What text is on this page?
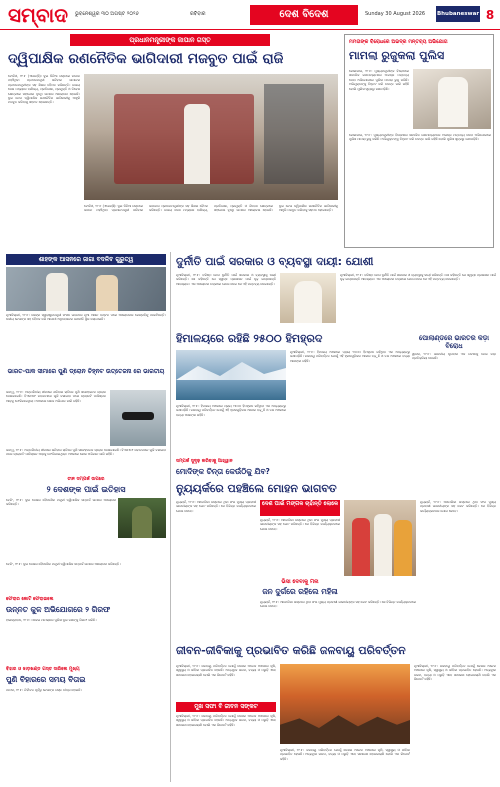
ସମ୍ବାଦ ଭୁବନେଶ୍ୱର ୩୦ ଅଗଷ୍ଟ ୨୦୨୬	ରବିବାର	ଦେଶ ବିଦେଶ	Sunday 30 August 2026	Bhubaneswar 8
ପ୍ରଧାନମନ୍ତ୍ରୀଙ୍କ ଜାପାନ ଗସ୍ତ
ଦ୍ୱିପାକ୍ଷିକ ରଣନୈତିକ ଭାଗିଦାରୀ ମଜବୁତ ପାଇଁ ରାଜି
ଟୋକିଓ, ୨୯।୮ (ଏଜେନ୍ସି): ଦୁଇ ଦିନିଆ ଗସ୍ତରେ ଜାପାନ ପହଞ୍ଚିଥିବା ପ୍ରଧାନମନ୍ତ୍ରୀ ଶନିବାର ଜାପାନର ପ୍ରଧାନମନ୍ତ୍ରୀଙ୍କ ସହ ଶିଖର ବୈଠକ କରିଛନ୍ତି। ଉଭୟ ଦେଶ ମଧ୍ୟରେ ବାଣିଜ୍ୟ, ପ୍ରତିରକ୍ଷା, ପ୍ରଯୁକ୍ତି ଓ ନିବେଶ କ୍ଷେତ୍ରରେ ସହଯୋଗ ବୃଦ୍ଧି ଉପରେ ଆଲୋଚନା ହୋଇଛି। ଦୁଇ ନେତା ଦ୍ୱିପାକ୍ଷିକ ରଣନୈତିକ ଭାଗିଦାରୀକୁ ଆହୁରି ମଜବୁତ କରିବାକୁ ସହମତ ହୋଇଛନ୍ତି।
ଟୋକିଓ, ୨୯।୮ (ଏଜେନ୍ସି): ଦୁଇ ଦିନିଆ ଗସ୍ତରେ ଜାପାନ ପହଞ୍ଚିଥିବା ପ୍ରଧାନମନ୍ତ୍ରୀ ଶନିବାର ଜାପାନର ପ୍ରଧାନମନ୍ତ୍ରୀଙ୍କ ସହ ଶିଖର ବୈଠକ କରିଛନ୍ତି। ଉଭୟ ଦେଶ ମଧ୍ୟରେ ବାଣିଜ୍ୟ, ପ୍ରତିରକ୍ଷା, ପ୍ରଯୁକ୍ତି ଓ ନିବେଶ କ୍ଷେତ୍ରରେ ସହଯୋଗ ବୃଦ୍ଧି ଉପରେ ଆଲୋଚନା ହୋଇଛି। ଦୁଇ ନେତା ଦ୍ୱିପାକ୍ଷିକ ରଣନୈତିକ ଭାଗିଦାରୀକୁ ଆହୁରି ମଜବୁତ କରିବାକୁ ସହମତ ହୋଇଛନ୍ତି।
ମମତାଙ୍କ ବିରୋଧରେ ଅଭଦ୍ର ମନ୍ତବ୍ୟ ଅଭିଯୋଗ
ମାମଲା ରୁଜୁକଲା ପୁଲିସ
କୋଲକାତା, ୨୯।୮: ମୁଖ୍ୟମନ୍ତ୍ରୀଙ୍କ ବିରୋଧରେ ସାମାଜିକ ଗଣମାଧ୍ୟମରେ ଅଭଦ୍ର ମନ୍ତବ୍ୟ ଦେବା ଅଭିଯୋଗରେ ପୁଲିସ ମାମଲା ରୁଜୁ କରିଛି। ଅଭିଯୁକ୍ତଙ୍କୁ ଚିହ୍ନଟ କରି ତଦନ୍ତ ଜାରି ରହିଛି ବୋଲି ପୁଲିସ ସୂତ୍ରରୁ ଜଣାପଡ଼ିଛି।
କୋଲକାତା, ୨୯।୮: ମୁଖ୍ୟମନ୍ତ୍ରୀଙ୍କ ବିରୋଧରେ ସାମାଜିକ ଗଣମାଧ୍ୟମରେ ଅଭଦ୍ର ମନ୍ତବ୍ୟ ଦେବା ଅଭିଯୋଗରେ ପୁଲିସ ମାମଲା ରୁଜୁ କରିଛି। ଅଭିଯୁକ୍ତଙ୍କୁ ଚିହ୍ନଟ କରି ତଦନ୍ତ ଜାରି ରହିଛି ବୋଲି ପୁଲିସ ସୂତ୍ରରୁ ଜଣାପଡ଼ିଛି।
ଶାହଙ୍କ ଆସନରେ ଜାଗା ବଦଳିବ ଗୁରୁତ୍ୱ
ନୂଆଦିଲ୍ଲୀ, ୨୯।୮: କେନ୍ଦ୍ର ସ୍ୱରାଷ୍ଟ୍ରମନ୍ତ୍ରୀ ସଂସଦ ଭବନରେ ନୂଆ ଆସନ ବଣ୍ଟନ ପରେ ଆଲୋଚନାର କେନ୍ଦ୍ରବିନ୍ଦୁ ପାଲଟିଛନ୍ତି। ଦଳୀୟ ନେତାଙ୍କ ସହ ବୈଠକ କରି ଆଗାମୀ ଅଧିବେଶନର ରଣନୀତି ସ୍ଥିର କରାଯାଇଛି।
ଭାରତ-ପାକ ସୀମାରେ ପୁଣି ଡ୍ରୋନ ଚିହ୍ନଟ ଉତ୍ତେଜନା ରେ ଭାରତୀୟ
ଜାମ୍ମୁ, ୨୯।୮: ଅନ୍ତର୍ଜାତୀୟ ସୀମାରେ ଶନିବାର ରାତିରେ ପୁଣି ସନ୍ଦେହଜନକ ଡ୍ରୋନ ଦେଖାଯାଇଛି। ବିଏସଏଫ ଜବାନମାନେ ଗୁଳି ଚଳାଇବା ପରେ ଡ୍ରୋନଟି ପାକିସ୍ତାନ ଆଡ଼କୁ ଫେରିଯାଇଥିଲା। ଅଞ୍ଚଳରେ ଖୋଜ ଅଭିଯାନ ଜାରି ରହିଛି।
ଜାମ୍ମୁ, ୨୯।୮: ଅନ୍ତର୍ଜାତୀୟ ସୀମାରେ ଶନିବାର ରାତିରେ ପୁଣି ସନ୍ଦେହଜନକ ଡ୍ରୋନ ଦେଖାଯାଇଛି। ବିଏସଏଫ ଜବାନମାନେ ଗୁଳି ଚଳାଇବା ପରେ ଡ୍ରୋନଟି ପାକିସ୍ତାନ ଆଡ଼କୁ ଫେରିଯାଇଥିଲା। ଅଞ୍ଚଳରେ ଖୋଜ ଅଭିଯାନ ଜାରି ରହିଛି।
ଚୀନ ସମ୍ପର୍କ ଉପରେ
୨ ଦେଶଙ୍କ ପାଇଁ ଇତିହାସ
ବେଜିଂ, ୨୯।୮: ଦୁଇ ଦେଶର ବୈଦେଶିକ ମନ୍ତ୍ରୀ ଦ୍ୱିପାକ୍ଷିକ ସମ୍ପର୍କ ଉପରେ ଆଲୋଚନା କରିଛନ୍ତି।
ବେଜିଂ, ୨୯।୮: ଦୁଇ ଦେଶର ବୈଦେଶିକ ମନ୍ତ୍ରୀ ଦ୍ୱିପାକ୍ଷିକ ସମ୍ପର୍କ ଉପରେ ଆଲୋଚନା କରିଛନ୍ତି।
ଫେରାର କୋଟି ଫେରାଇଲେ
ଉନ୍ନତ କୁଳ ଅଭିଯୋଗରେ ୨ ଗିରଫ
ହାଇଦ୍ରାବାଦ, ୨୯।୮: ଠକେଇ ମାମଲାରେ ପୁଲିସ ଦୁଇ ଜଣଙ୍କୁ ଗିରଫ କରିଛି।
ବିହାର ଓ ଝାଡ଼ଖଣ୍ଡ ଗସ୍ତ ସାରିଲେ ମୁଖ୍ୟ
ପୁଣି ବିହାରରେ ସମୟ ବିତାଇ
ପାଟନା, ୨୯।୮: ନିର୍ବାଚନ ପୂର୍ବରୁ ନେତାଙ୍କ ଗସ୍ତ ତୀବ୍ର ହୋଇଛି।
ଦୁର୍ନୀତି ପାଇଁ ସରକାର ଓ ବ୍ୟବସ୍ଥା ଦାୟୀ: ଯୋଶୀ
ନୂଆଦିଲ୍ଲୀ, ୨୯।୮: ବରିଷ୍ଠ ନେତା ଦୁର୍ନୀତି ପାଇଁ ସରକାର ଓ ବ୍ୟବସ୍ଥାକୁ ଦାୟୀ କରିଛନ୍ତି। ସେ କହିଛନ୍ତି ଯେ ସ୍ୱଚ୍ଛ ପ୍ରଶାସନ ପାଇଁ ଦୃଢ଼ ଇଚ୍ଛାଶକ୍ତି ଆବଶ୍ୟକ। ଏକ ଆଲୋଚନା ଚକ୍ରରେ ଯୋଗ ଦେଇ ସେ ଏହି ମନ୍ତବ୍ୟ ଦେଇଛନ୍ତି।
ନୂଆଦିଲ୍ଲୀ, ୨୯।୮: ବରିଷ୍ଠ ନେତା ଦୁର୍ନୀତି ପାଇଁ ସରକାର ଓ ବ୍ୟବସ୍ଥାକୁ ଦାୟୀ କରିଛନ୍ତି। ସେ କହିଛନ୍ତି ଯେ ସ୍ୱଚ୍ଛ ପ୍ରଶାସନ ପାଇଁ ଦୃଢ଼ ଇଚ୍ଛାଶକ୍ତି ଆବଶ୍ୟକ। ଏକ ଆଲୋଚନା ଚକ୍ରରେ ଯୋଗ ଦେଇ ସେ ଏହି ମନ୍ତବ୍ୟ ଦେଇଛନ୍ତି।
ହିମାଳୟରେ ରହିଛି ୨୫୦୦ ହିମହ୍ରଦ
ନୂଆଦିଲ୍ଲୀ, ୨୯।୮: ହିମାଳୟ ଅଞ୍ଚଳରେ ପ୍ରାୟ ୨୫୦୦ ହିମହ୍ରଦ ରହିଥିବା ଏକ ଅଧ୍ୟୟନରୁ ଜଣାପଡ଼ିଛି। ଜଳବାୟୁ ପରିବର୍ତ୍ତନ ଯୋଗୁଁ ଏହି ହ୍ରଦଗୁଡ଼ିକର ଆକାର ବଢ଼ୁଛି ଓ ତଳ ଅଞ୍ଚଳରେ ବନ୍ୟା ଆଶଙ୍କା ରହିଛି।
ନୂଆଦିଲ୍ଲୀ, ୨୯।୮: ହିମାଳୟ ଅଞ୍ଚଳରେ ପ୍ରାୟ ୨୫୦୦ ହିମହ୍ରଦ ରହିଥିବା ଏକ ଅଧ୍ୟୟନରୁ ଜଣାପଡ଼ିଛି। ଜଳବାୟୁ ପରିବର୍ତ୍ତନ ଯୋଗୁଁ ଏହି ହ୍ରଦଗୁଡ଼ିକର ଆକାର ବଢ଼ୁଛି ଓ ତଳ ଅଞ୍ଚଳରେ ବନ୍ୟା ଆଶଙ୍କା ରହିଛି।
ପୋଲାଣ୍ଡରେ ଭାରତର କଡ଼ା ବିରୋଧ
ୱାରସ, ୨୯।୮: ଭାରତୀୟ ଦୂତାବାସ ଏକ ଘଟଣାକୁ ନେଇ କଡ଼ା ପ୍ରତିକ୍ରିୟା ଦେଇଛି।
ସମ୍ପର୍କ ସୁଦୃଢ଼ କରିବାକୁ ଆହ୍ୱାନ
ମୋଦିଙ୍କ ଚିନ୍ତା କେଉଁଠିକୁ ଯିବ?
ନ୍ୟୁୟର୍କରେ ପହଞ୍ଚିଲେ ମୋହନ ଭାଗବତ
ନ୍ୟୁୟର୍କ, ୨୯।୮: ଆମେରିକା ଗସ୍ତରେ ଥିବା ସଂଘ ମୁଖ୍ୟ ପ୍ରବାସୀ ଭାରତୀୟଙ୍କ ସହ ଭେଟ କରିଛନ୍ତି। ସେ ବିଭିନ୍ନ କାର୍ଯ୍ୟକ୍ରମରେ ଯୋଗ ଦେବେ।
ଦେଶ ପାଇଁ ମଙ୍ଗଳ ଚାହାଁନ୍ତି ଲୋକେ
ନ୍ୟୁୟର୍କ, ୨୯।୮: ଆମେରିକା ଗସ୍ତରେ ଥିବା ସଂଘ ମୁଖ୍ୟ ପ୍ରବାସୀ ଭାରତୀୟଙ୍କ ସହ ଭେଟ କରିଛନ୍ତି। ସେ ବିଭିନ୍ନ କାର୍ଯ୍ୟକ୍ରମରେ ଯୋଗ ଦେବେ।
ନ୍ୟୁୟର୍କ, ୨୯।୮: ଆମେରିକା ଗସ୍ତରେ ଥିବା ସଂଘ ମୁଖ୍ୟ ପ୍ରବାସୀ ଭାରତୀୟଙ୍କ ସହ ଭେଟ କରିଛନ୍ତି। ସେ ବିଭିନ୍ନ କାର୍ଯ୍ୟକ୍ରମରେ ଯୋଗ ଦେବେ।
ଭିସା ଦେବାକୁ ମନା
ଜନ ଦୁର୍ଗରେ ରହିଲେ ମହିଳା
ନ୍ୟୁୟର୍କ, ୨୯।୮: ଆମେରିକା ଗସ୍ତରେ ଥିବା ସଂଘ ମୁଖ୍ୟ ପ୍ରବାସୀ ଭାରତୀୟଙ୍କ ସହ ଭେଟ କରିଛନ୍ତି। ସେ ବିଭିନ୍ନ କାର୍ଯ୍ୟକ୍ରମରେ ଯୋଗ ଦେବେ।
ଜୀବନ-ଜୀବିକାକୁ ପ୍ରଭାବିତ କରିଛି ଜଳବାୟୁ ପରିବର୍ତ୍ତନ
ନୂଆଦିଲ୍ଲୀ, ୨୯।୮: ଜଳବାୟୁ ପରିବର୍ତ୍ତନ ଯୋଗୁଁ ଦେଶର ଅନେକ ଅଞ୍ଚଳରେ କୃଷି, ସ୍ୱାସ୍ଥ୍ୟ ଓ ଜୀବିକା ପ୍ରଭାବିତ ହେଉଛି। ଅତ୍ୟଧିକ ଗରମ, ବନ୍ୟା ଓ ମରୁଡ଼ି ଏବେ ସାଧାରଣ ହୋଇଗଲାଣି ବୋଲି ଏକ ରିପୋର୍ଟ କହିଛି।
ମୁଖ ସଫା ବି ଜୀବନ ସଙ୍କଟ
ନୂଆଦିଲ୍ଲୀ, ୨୯।୮: ଜଳବାୟୁ ପରିବର୍ତ୍ତନ ଯୋଗୁଁ ଦେଶର ଅନେକ ଅଞ୍ଚଳରେ କୃଷି, ସ୍ୱାସ୍ଥ୍ୟ ଓ ଜୀବିକା ପ୍ରଭାବିତ ହେଉଛି। ଅତ୍ୟଧିକ ଗରମ, ବନ୍ୟା ଓ ମରୁଡ଼ି ଏବେ ସାଧାରଣ ହୋଇଗଲାଣି ବୋଲି ଏକ ରିପୋର୍ଟ କହିଛି।
ନୂଆଦିଲ୍ଲୀ, ୨୯।୮: ଜଳବାୟୁ ପରିବର୍ତ୍ତନ ଯୋଗୁଁ ଦେଶର ଅନେକ ଅଞ୍ଚଳରେ କୃଷି, ସ୍ୱାସ୍ଥ୍ୟ ଓ ଜୀବିକା ପ୍ରଭାବିତ ହେଉଛି। ଅତ୍ୟଧିକ ଗରମ, ବନ୍ୟା ଓ ମରୁଡ଼ି ଏବେ ସାଧାରଣ ହୋଇଗଲାଣି ବୋଲି ଏକ ରିପୋର୍ଟ କହିଛି।
ନୂଆଦିଲ୍ଲୀ, ୨୯।୮: ଜଳବାୟୁ ପରିବର୍ତ୍ତନ ଯୋଗୁଁ ଦେଶର ଅନେକ ଅଞ୍ଚଳରେ କୃଷି, ସ୍ୱାସ୍ଥ୍ୟ ଓ ଜୀବିକା ପ୍ରଭାବିତ ହେଉଛି। ଅତ୍ୟଧିକ ଗରମ, ବନ୍ୟା ଓ ମରୁଡ଼ି ଏବେ ସାଧାରଣ ହୋଇଗଲାଣି ବୋଲି ଏକ ରିପୋର୍ଟ କହିଛି।
